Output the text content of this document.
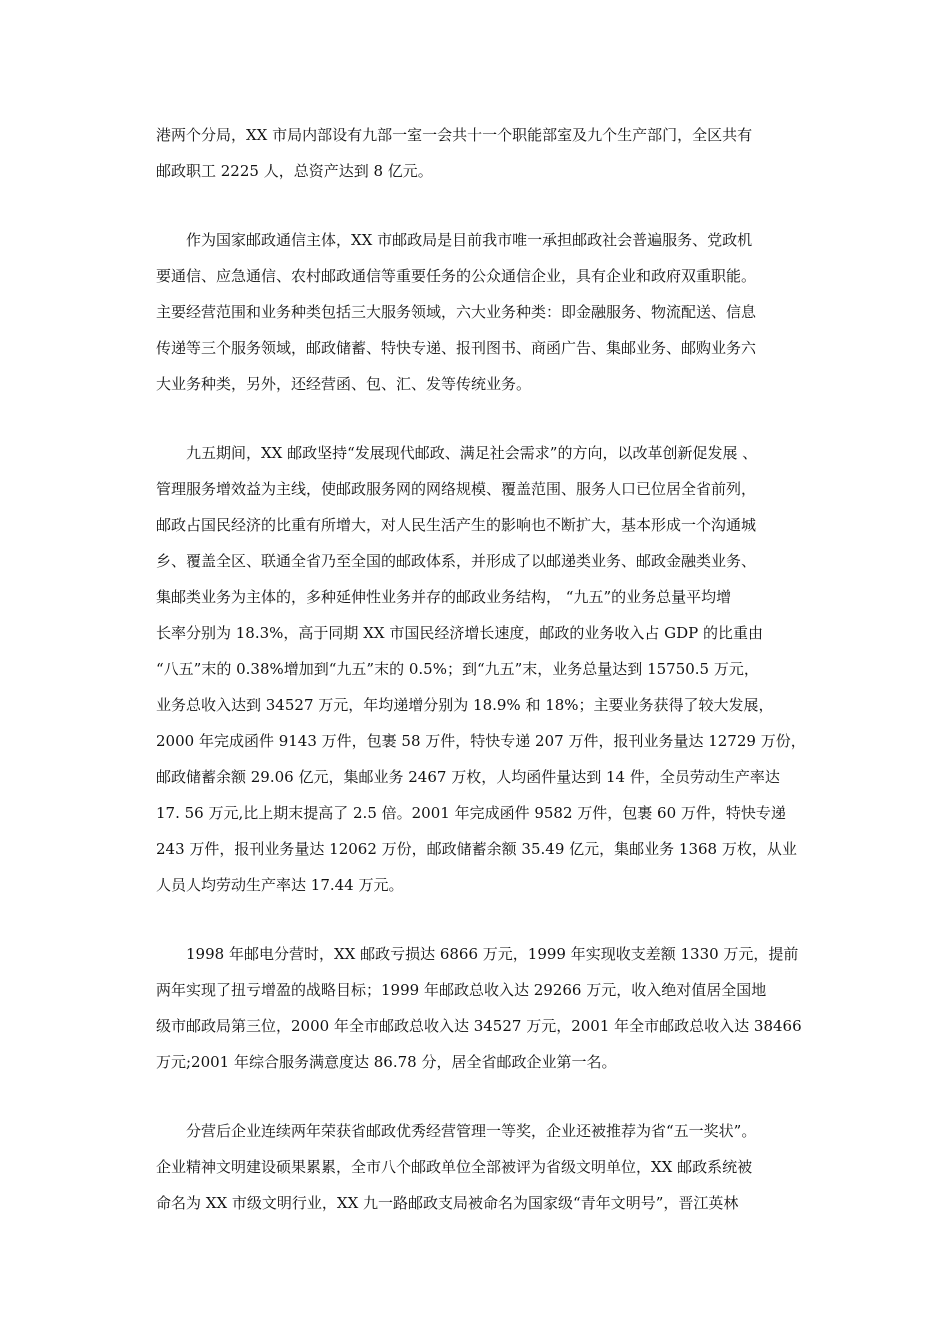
港两个分局，XX 市局内部设有九部一室一会共十一个职能部室及九个生产部门，全区共有
邮政职工 2225 人，总资产达到 8 亿元。
　　作为国家邮政通信主体，XX 市邮政局是目前我市唯一承担邮政社会普遍服务、党政机
要通信、应急通信、农村邮政通信等重要任务的公众通信企业，具有企业和政府双重职能。
主要经营范围和业务种类包括三大服务领域，六大业务种类：即金融服务、物流配送、信息
传递等三个服务领域，邮政储蓄、特快专递、报刊图书、商函广告、集邮业务、邮购业务六
大业务种类，另外，还经营函、包、汇、发等传统业务。
　　九五期间，XX 邮政坚持“发展现代邮政、满足社会需求”的方向，以改革创新促发展 、
管理服务增效益为主线，使邮政服务网的网络规模、覆盖范围、服务人口已位居全省前列，
邮政占国民经济的比重有所增大，对人民生活产生的影响也不断扩大，基本形成一个沟通城
乡、覆盖全区、联通全省乃至全国的邮政体系，并形成了以邮递类业务、邮政金融类业务、
集邮类业务为主体的，多种延伸性业务并存的邮政业务结构， “九五”的业务总量平均增
长率分别为 18.3%，高于同期 XX 市国民经济增长速度，邮政的业务收入占 GDP 的比重由
“八五”末的 0.38%增加到“九五”末的 0.5%；到“九五”末，业务总量达到 15750.5 万元，
业务总收入达到 34527 万元，年均递增分别为 18.9% 和 18%；主要业务获得了较大发展，
2000 年完成函件 9143 万件，包裹 58 万件，特快专递 207 万件，报刊业务量达 12729 万份，
邮政储蓄余额 29.06 亿元，集邮业务 2467 万枚，人均函件量达到 14 件，全员劳动生产率达
17. 56 万元,比上期末提高了 2.5 倍。2001 年完成函件 9582 万件，包裹 60 万件，特快专递
243 万件，报刊业务量达 12062 万份，邮政储蓄余额 35.49 亿元，集邮业务 1368 万枚，从业
人员人均劳动生产率达 17.44 万元。
　　1998 年邮电分营时，XX 邮政亏损达 6866 万元，1999 年实现收支差额 1330 万元，提前
两年实现了扭亏增盈的战略目标；1999 年邮政总收入达 29266 万元，收入绝对值居全国地
级市邮政局第三位，2000 年全市邮政总收入达 34527 万元，2001 年全市邮政总收入达 38466
万元;2001 年综合服务满意度达 86.78 分，居全省邮政企业第一名。
　　分营后企业连续两年荣获省邮政优秀经营管理一等奖，企业还被推荐为省“五一奖状”。
企业精神文明建设硕果累累，全市八个邮政单位全部被评为省级文明单位，XX 邮政系统被
命名为 XX 市级文明行业，XX 九一路邮政支局被命名为国家级“青年文明号”，晋江英林
